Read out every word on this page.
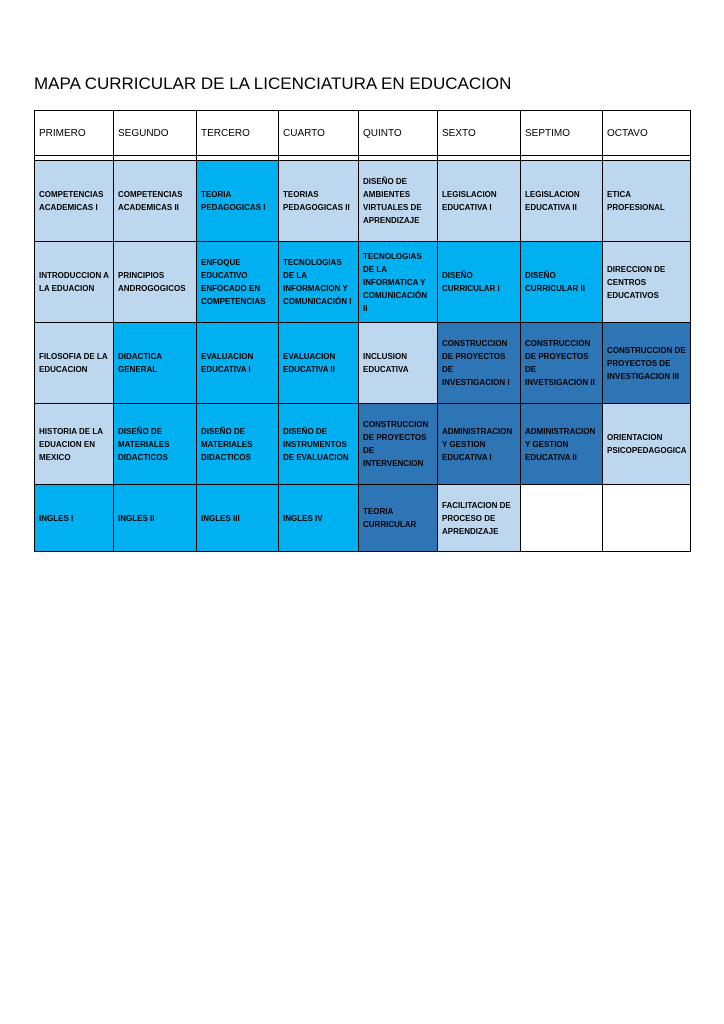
MAPA CURRICULAR DE LA LICENCIATURA EN EDUCACION
PRIMERO	SEGUNDO	TERCERO	CUARTO	QUINTO	SEXTO	SEPTIMO	OCTAVO

COMPETENCIAS ACADEMICAS I	COMPETENCIAS ACADEMICAS II	TEORIA PEDAGOGICAS I	TEORIAS PEDAGOGICAS II	DISEÑO DE AMBIENTES VIRTUALES DE APRENDIZAJE	LEGISLACION EDUCATIVA I	LEGISLACION EDUCATIVA II	ETICA PROFESIONAL
INTRODUCCION A LA EDUACION	PRINCIPIOS ANDROGOGICOS	ENFOQUE EDUCATIVO ENFOCADO EN COMPETENCIAS	TECNOLOGIAS DE LA INFORMACION Y COMUNICACIÓN I	TECNOLOGIAS DE LA INFORMATICA Y COMUNICACIÓN II	DISEÑO CURRICULAR I	DISEÑO CURRICULAR II	DIRECCION DE CENTROS EDUCATIVOS
FILOSOFIA DE LA EDUCACION	DIDACTICA GENERAL	EVALUACION EDUCATIVA I	EVALUACION EDUCATIVA II	INCLUSION EDUCATIVA	CONSTRUCCION DE PROYECTOS DE INVESTIGACION I	CONSTRUCCION DE PROYECTOS DE INVETSIGACION II	CONSTRUCCION DE PROYECTOS DE INVESTIGACION III
HISTORIA DE LA EDUACION EN MEXICO	DISEÑO DE MATERIALES DIDACTICOS	DISEÑO DE MATERIALES DIDACTICOS	DISEÑO DE INSTRUMENTOS DE EVALUACION	CONSTRUCCION DE PROYECTOS DE INTERVENCION	ADMINISTRACION Y GESTION EDUCATIVA I	ADMINISTRACION Y GESTION EDUCATIVA II	ORIENTACION PSICOPEDAGOGICA
INGLES I	INGLES II	INGLES III	INGLES IV	TEORIA CURRICULAR	FACILITACION DE PROCESO DE APRENDIZAJE		
